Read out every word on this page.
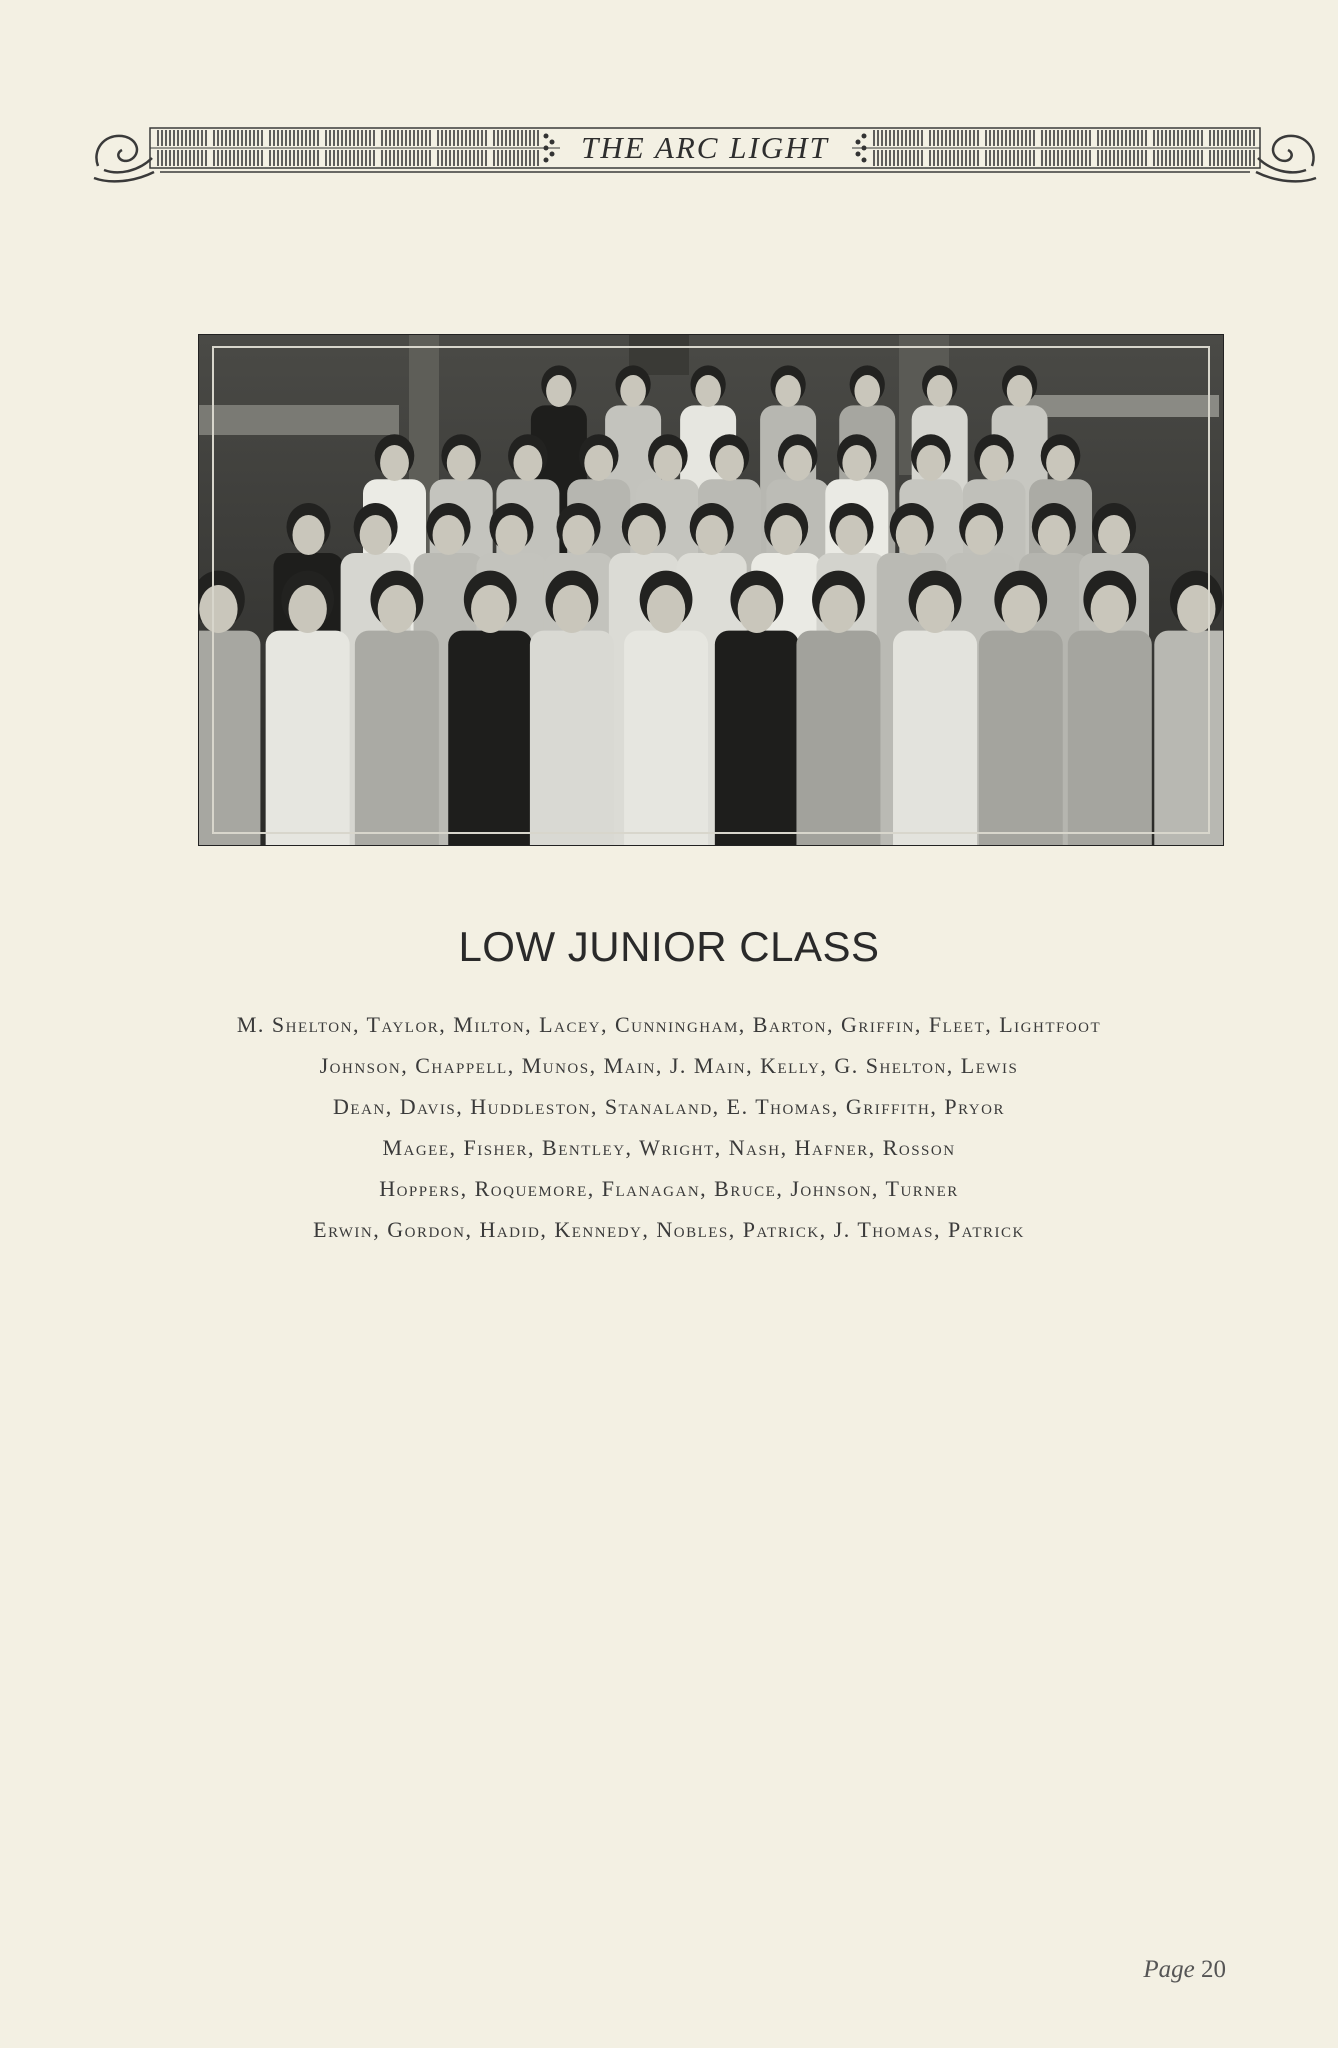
THE ARC LIGHT
LOW JUNIOR CLASS
M. Shelton, Taylor, Milton, Lacey, Cunningham, Barton, Griffin, Fleet, Lightfoot
Johnson, Chappell, Munos, Main, J. Main, Kelly, G. Shelton, Lewis
Dean, Davis, Huddleston, Stanaland, E. Thomas, Griffith, Pryor
Magee, Fisher, Bentley, Wright, Nash, Hafner, Rosson
Hoppers, Roquemore, Flanagan, Bruce, Johnson, Turner
Erwin, Gordon, Hadid, Kennedy, Nobles, Patrick, J. Thomas, Patrick
Page 20
